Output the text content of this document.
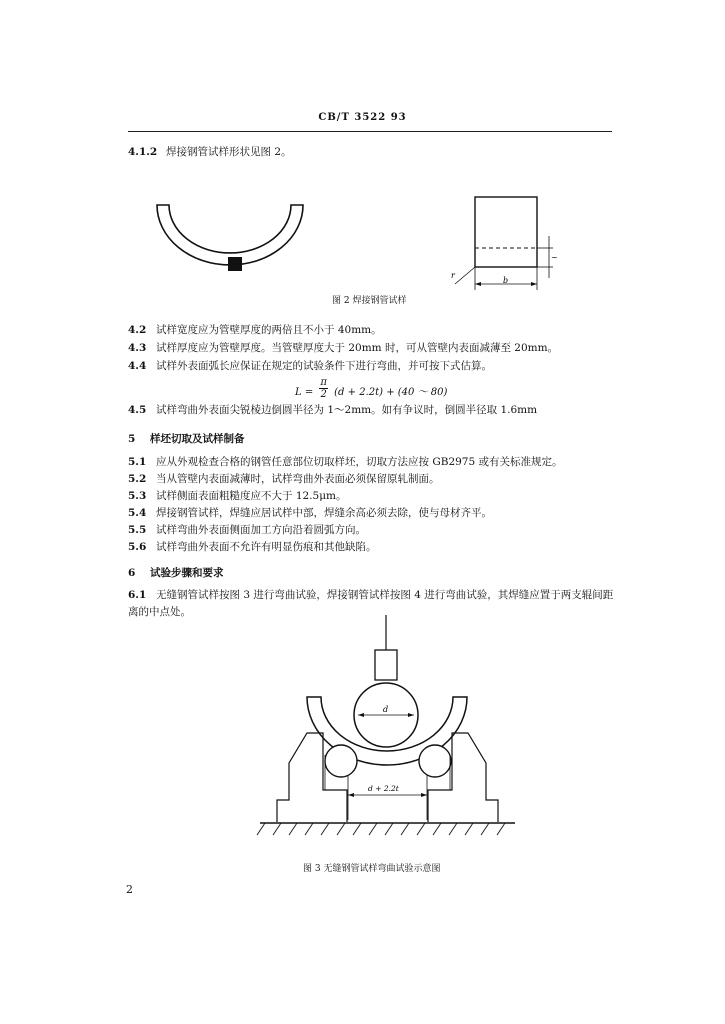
CB/T 3522 93
4.1.2 焊接钢管试样形状见图 2。
b
r
~
图 2 焊接钢管试样
4.2 试样宽度应为管壁厚度的两倍且不小于 40mm。
4.3 试样厚度应为管壁厚度。当管壁厚度大于 20mm 时，可从管壁内表面减薄至 20mm。
4.4 试样外表面弧长应保证在规定的试验条件下进行弯曲，并可按下式估算。
$L = \frac{\pi}{2} (d + 2.2t) + (40$ ～ 80)
4.5 试样弯曲外表面尖锐棱边倒圆半径为 1～2mm。如有争议时，倒圆半径取 1.6mm
5 样坯切取及试样制备
5.1 应从外观检查合格的钢管任意部位切取样坯，切取方法应按 GB2975 或有关标准规定。
5.2 当从管壁内表面减薄时，试样弯曲外表面必须保留原轧制面。
5.3 试样侧面表面粗糙度应不大于 12.5μm。
5.4 焊接钢管试样，焊缝应居试样中部，焊缝余高必须去除，使与母材齐平。
5.5 试样弯曲外表面侧面加工方向沿着圆弧方向。
5.6 试样弯曲外表面不允许有明显伤痕和其他缺陷。
6 试验步骤和要求
6.1 无缝钢管试样按图 3 进行弯曲试验，焊接钢管试样按图 4 进行弯曲试验，其焊缝应置于两支辊间距
离的中点处。
d
d + 2.2t
图 3 无缝钢管试样弯曲试验示意图
2
